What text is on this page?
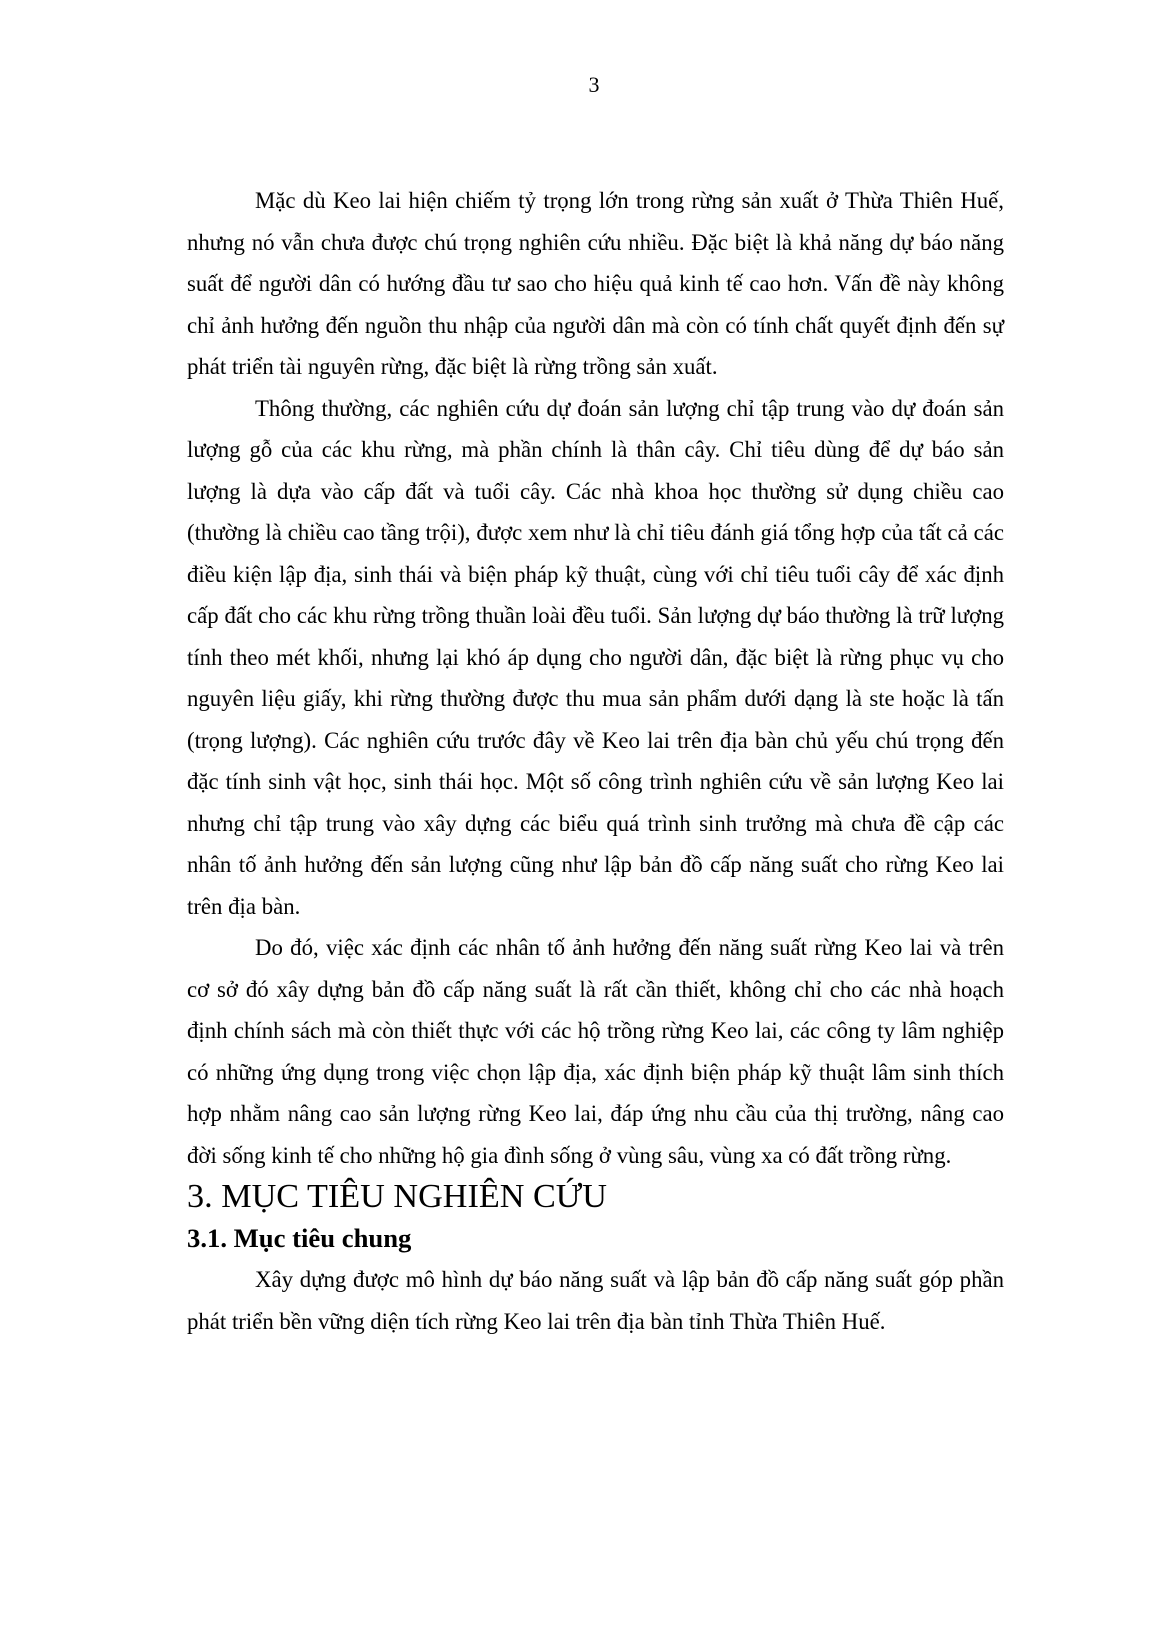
3

Mặc dù Keo lai hiện chiếm tỷ trọng lớn trong rừng sản xuất ở Thừa Thiên Huế, nhưng nó vẫn chưa được chú trọng nghiên cứu nhiều. Đặc biệt là khả năng dự báo năng suất để người dân có hướng đầu tư sao cho hiệu quả kinh tế cao hơn. Vấn đề này không chỉ ảnh hưởng đến nguồn thu nhập của người dân mà còn có tính chất quyết định đến sự phát triển tài nguyên rừng, đặc biệt là rừng trồng sản xuất.

Thông thường, các nghiên cứu dự đoán sản lượng chỉ tập trung vào dự đoán sản lượng gỗ của các khu rừng, mà phần chính là thân cây. Chỉ tiêu dùng để dự báo sản lượng là dựa vào cấp đất và tuổi cây. Các nhà khoa học thường sử dụng chiều cao (thường là chiều cao tầng trội), được xem như là chỉ tiêu đánh giá tổng hợp của tất cả các điều kiện lập địa, sinh thái và biện pháp kỹ thuật, cùng với chỉ tiêu tuổi cây để xác định cấp đất cho các khu rừng trồng thuần loài đều tuổi. Sản lượng dự báo thường là trữ lượng tính theo mét khối, nhưng lại khó áp dụng cho người dân, đặc biệt là rừng phục vụ cho nguyên liệu giấy, khi rừng thường được thu mua sản phẩm dưới dạng là ste hoặc là tấn (trọng lượng). Các nghiên cứu trước đây về Keo lai trên địa bàn chủ yếu chú trọng đến đặc tính sinh vật học, sinh thái học. Một số công trình nghiên cứu về sản lượng Keo lai nhưng chỉ tập trung vào xây dựng các biểu quá trình sinh trưởng mà chưa đề cập các nhân tố ảnh hưởng đến sản lượng cũng như lập bản đồ cấp năng suất cho rừng Keo lai trên địa bàn.

Do đó, việc xác định các nhân tố ảnh hưởng đến năng suất rừng Keo lai và trên cơ sở đó xây dựng bản đồ cấp năng suất là rất cần thiết, không chỉ cho các nhà hoạch định chính sách mà còn thiết thực với các hộ trồng rừng Keo lai, các công ty lâm nghiệp có những ứng dụng trong việc chọn lập địa, xác định biện pháp kỹ thuật lâm sinh thích hợp nhằm nâng cao sản lượng rừng Keo lai, đáp ứng nhu cầu của thị trường, nâng cao đời sống kinh tế cho những hộ gia đình sống ở vùng sâu, vùng xa có đất trồng rừng.

3. MỤC TIÊU NGHIÊN CỨU
3.1. Mục tiêu chung

Xây dựng được mô hình dự báo năng suất và lập bản đồ cấp năng suất góp phần phát triển bền vững diện tích rừng Keo lai trên địa bàn tỉnh Thừa Thiên Huế.
